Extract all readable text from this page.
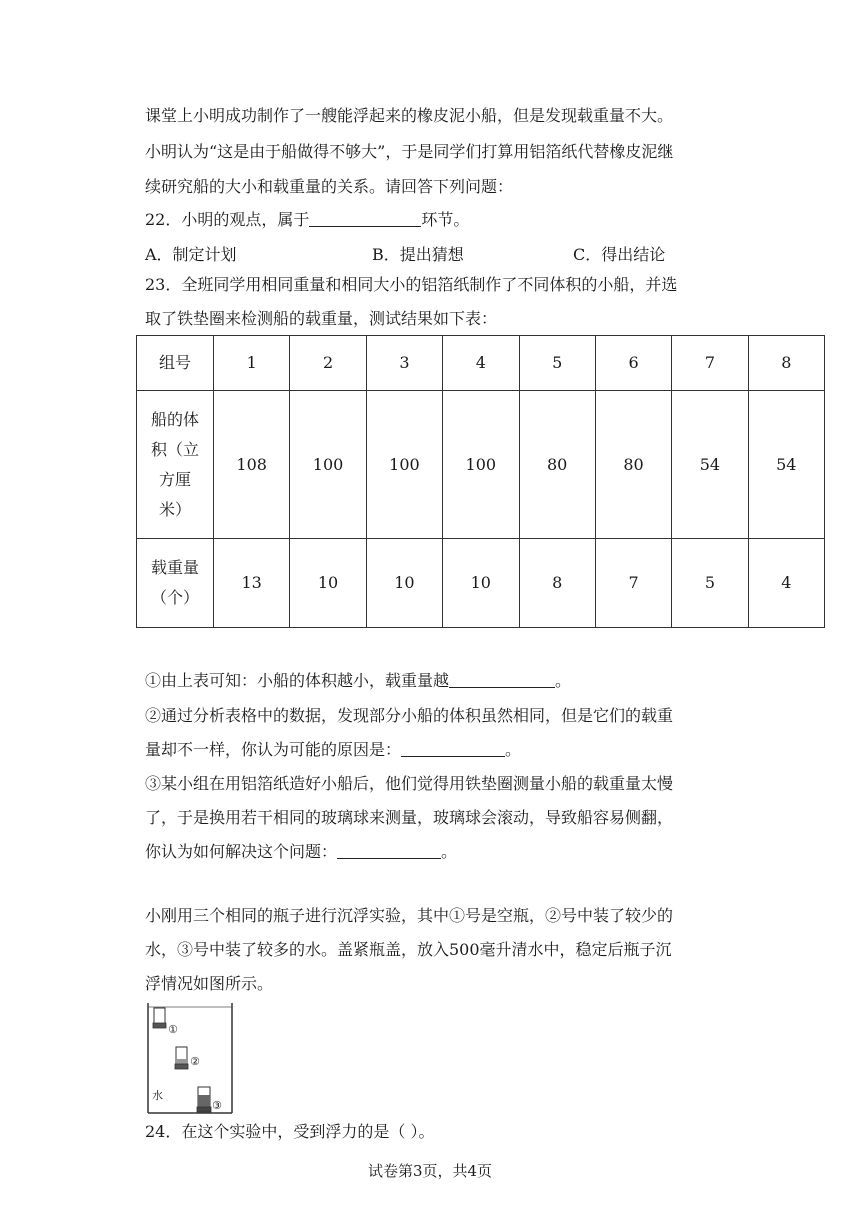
课堂上小明成功制作了一艘能浮起来的橡皮泥小船，但是发现载重量不大。
小明认为“这是由于船做得不够大”，于是同学们打算用铝箔纸代替橡皮泥继
续研究船的大小和载重量的关系。请回答下列问题：
22．小明的观点，属于	环节。
A．制定计划	B．提出猜想	C．得出结论
23．全班同学用相同重量和相同大小的铝箔纸制作了不同体积的小船，并选
取了铁垫圈来检测船的载重量，测试结果如下表：
组号	1	2	3	4	5	6	7	8

船的体
积（立
方厘
米）	108	100	100	100	80	80	54	54

载重量
（个）	13	10	10	10	8	7	5	4
①由上表可知：小船的体积越小，载重量越	。
②通过分析表格中的数据，发现部分小船的体积虽然相同，但是它们的载重
量却不一样，你认为可能的原因是：	。
③某小组在用铝箔纸造好小船后，他们觉得用铁垫圈测量小船的载重量太慢
了，于是换用若干相同的玻璃球来测量，玻璃球会滚动，导致船容易侧翻，
你认为如何解决这个问题：	。
小刚用三个相同的瓶子进行沉浮实验，其中①号是空瓶，②号中装了较少的
水，③号中装了较多的水。盖紧瓶盖，放入500毫升清水中，稳定后瓶子沉
浮情况如图所示。
①
②
③
水
24．在这个实验中，受到浮力的是（ ）。
试卷第3页，共4页
